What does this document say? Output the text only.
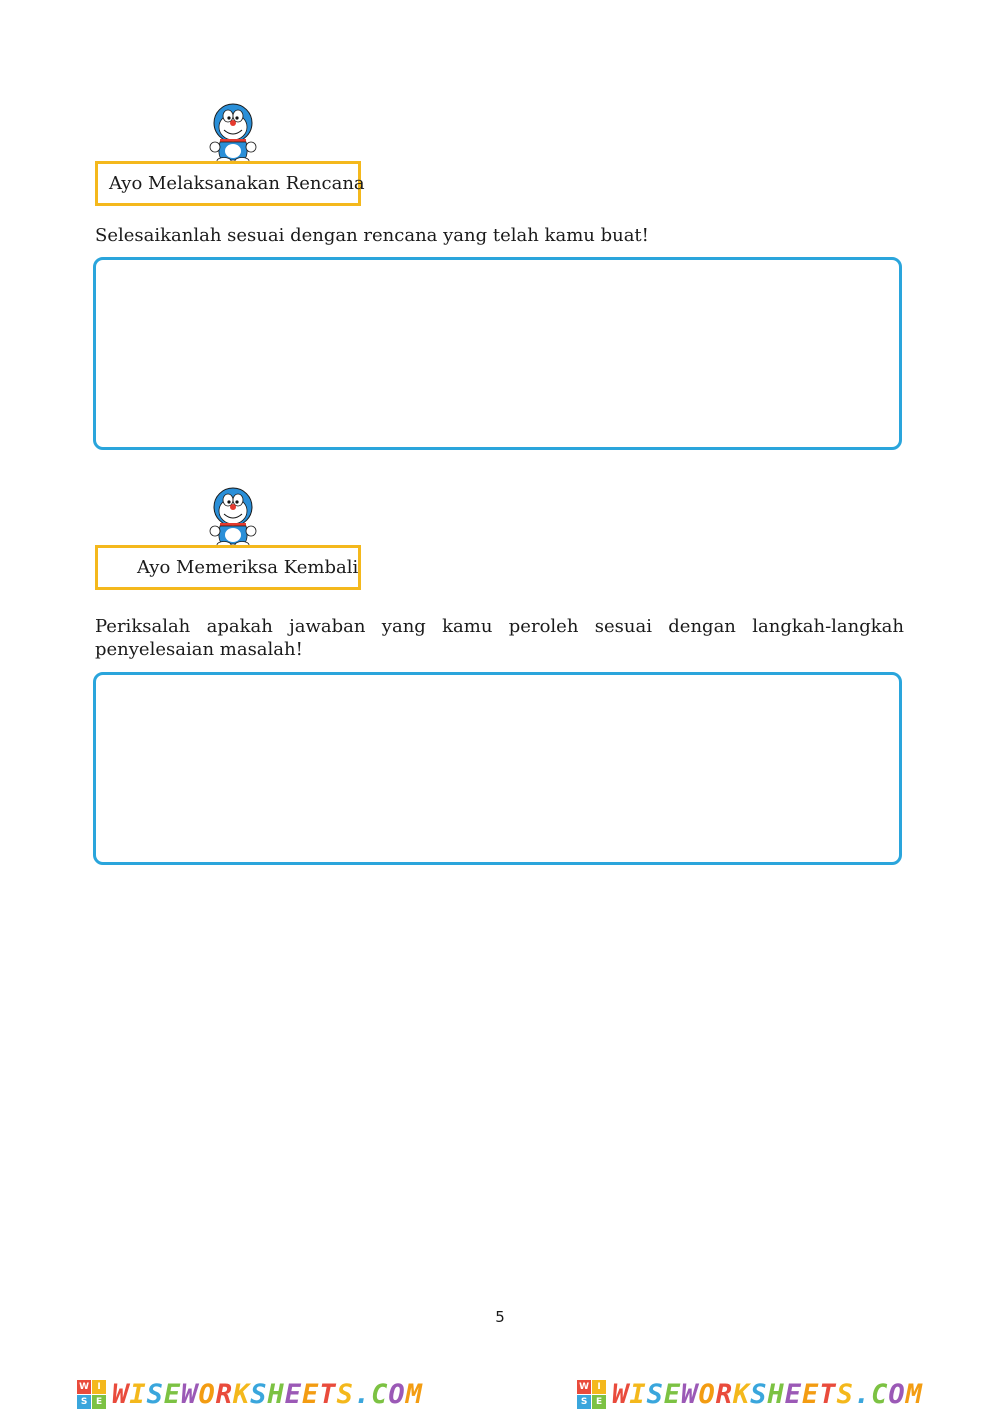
Ayo Melaksanakan Rencana
Selesaikanlah sesuai dengan rencana yang telah kamu buat!
Ayo Memeriksa Kembali
Periksalah apakah jawaban yang kamu peroleh sesuai dengan langkah-langkah penyelesaian masalah!
5
W I
S E WISEWORKSHEETS.COM	W I
S E WISEWORKSHEETS.COM
